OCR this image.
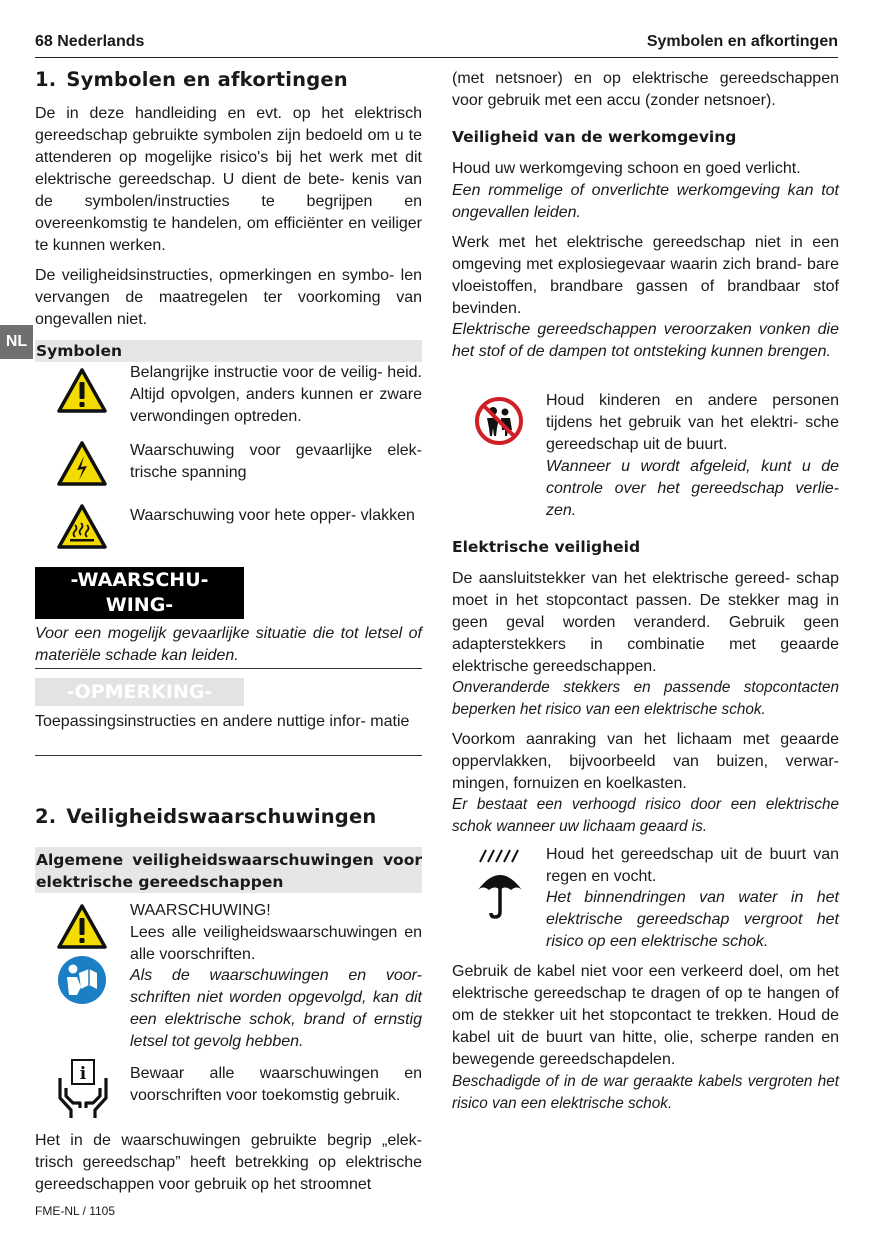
68 Nederlands	Symbolen en afkortingen
NL
1. Symbolen en afkortingen

De in deze handleiding en evt. op het elektrisch gereedschap gebruikte symbolen zijn bedoeld om u te attenderen op mogelijke risico's bij het werk met dit elektrische gereedschap. U dient de bete- kenis van de symbolen/instructies te begrijpen en overeenkomstig te handelen, om efficiënter en veiliger te kunnen werken.

De veiligheidsinstructies, opmerkingen en symbo- len vervangen de maatregelen ter voorkoming van ongevallen niet.

Symbolen

Belangrijke instructie voor de veilig- heid. Altijd opvolgen, anders kunnen er zware verwondingen optreden.

Waarschuwing voor gevaarlijke elek- trische spanning

Waarschuwing voor hete opper- vlakken

-WAARSCHU- WING-

Voor een mogelijk gevaarlijke situatie die tot letsel of materiële schade kan leiden.

-OPMERKING-

Toepassingsinstructies en andere nuttige infor- matie

2. Veiligheidswaarschuwingen
Algemene veiligheidswaarschuwingen voor elektrische gereedschappen
WAARSCHUWING!

Lees alle veiligheidswaarschuwingen en alle voorschriften.

Als de waarschuwingen en voor- schriften niet worden opgevolgd, kan dit een elektrische schok, brand of ernstig letsel tot gevolg hebben.

i	Bewaar alle waarschuwingen en voorschriften voor toekomstig gebruik.

Het in de waarschuwingen gebruikte begrip „elek- trisch gereedschap” heeft betrekking op elektrische gereedschappen voor gebruik op het stroomnet

FME-NL / 1105

(met netsnoer) en op elektrische gereedschappen voor gebruik met een accu (zonder netsnoer).

Veiligheid van de werkomgeving

Houd uw werkomgeving schoon en goed verlicht.

Een rommelige of onverlichte werkomgeving kan tot ongevallen leiden.

Werk met het elektrische gereedschap niet in een omgeving met explosiegevaar waarin zich brand- bare vloeistoffen, brandbare gassen of brandbaar stof bevinden.

Elektrische gereedschappen veroorzaken vonken die het stof of de dampen tot ontsteking kunnen brengen.

Houd kinderen en andere personen tijdens het gebruik van het elektri- sche gereedschap uit de buurt.

Wanneer u wordt afgeleid, kunt u de controle over het gereedschap verlie- zen.

Elektrische veiligheid

De aansluitstekker van het elektrische gereed- schap moet in het stopcontact passen. De stekker mag in geen geval worden veranderd. Gebruik geen adapterstekkers in combinatie met geaarde elektrische gereedschappen.

Onveranderde stekkers en passende stopcontacten beperken het risico van een elektrische schok.

Voorkom aanraking van het lichaam met geaarde oppervlakken, bijvoorbeeld van buizen, verwar- mingen, fornuizen en koelkasten.

Er bestaat een verhoogd risico door een elektrische schok wanneer uw lichaam geaard is.

Houd het gereedschap uit de buurt van regen en vocht.

Het binnendringen van water in het elektrische gereedschap vergroot het risico op een elektrische schok.

Gebruik de kabel niet voor een verkeerd doel, om het elektrische gereedschap te dragen of op te hangen of om de stekker uit het stopcontact te trekken. Houd de kabel uit de buurt van hitte, olie, scherpe randen en bewegende gereedschapdelen.

Beschadigde of in de war geraakte kabels vergroten het risico van een elektrische schok.
